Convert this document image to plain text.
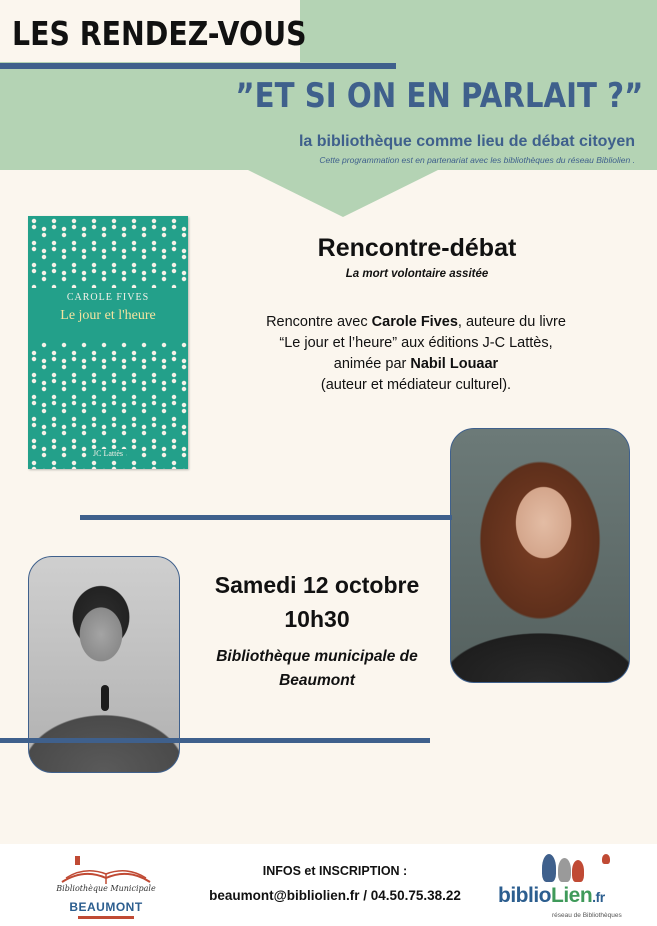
LES RENDEZ-VOUS
”ET SI ON EN PARLAIT ?”
la bibliothèque comme lieu de débat citoyen
Cette programmation est en partenariat avec les bibliothèques du réseau Bibliolien .
CAROLE FIVES
Le jour et l'heure
JC Lattès
Rencontre-débat
La mort volontaire assitée
Rencontre avec Carole Fives, auteure du livre
“Le jour et l’heure” aux éditions J-C Lattès,
animée par Nabil Louaar
(auteur et médiateur culturel).
Samedi 12 octobre
10h30
Bibliothèque municipale de
Beaumont
Bibliothèque Municipale
BEAUMONT
INFOS et INSCRIPTION :
beaumont@bibliolien.fr / 04.50.75.38.22	biblioLien.fr
réseau de Bibliothèques
